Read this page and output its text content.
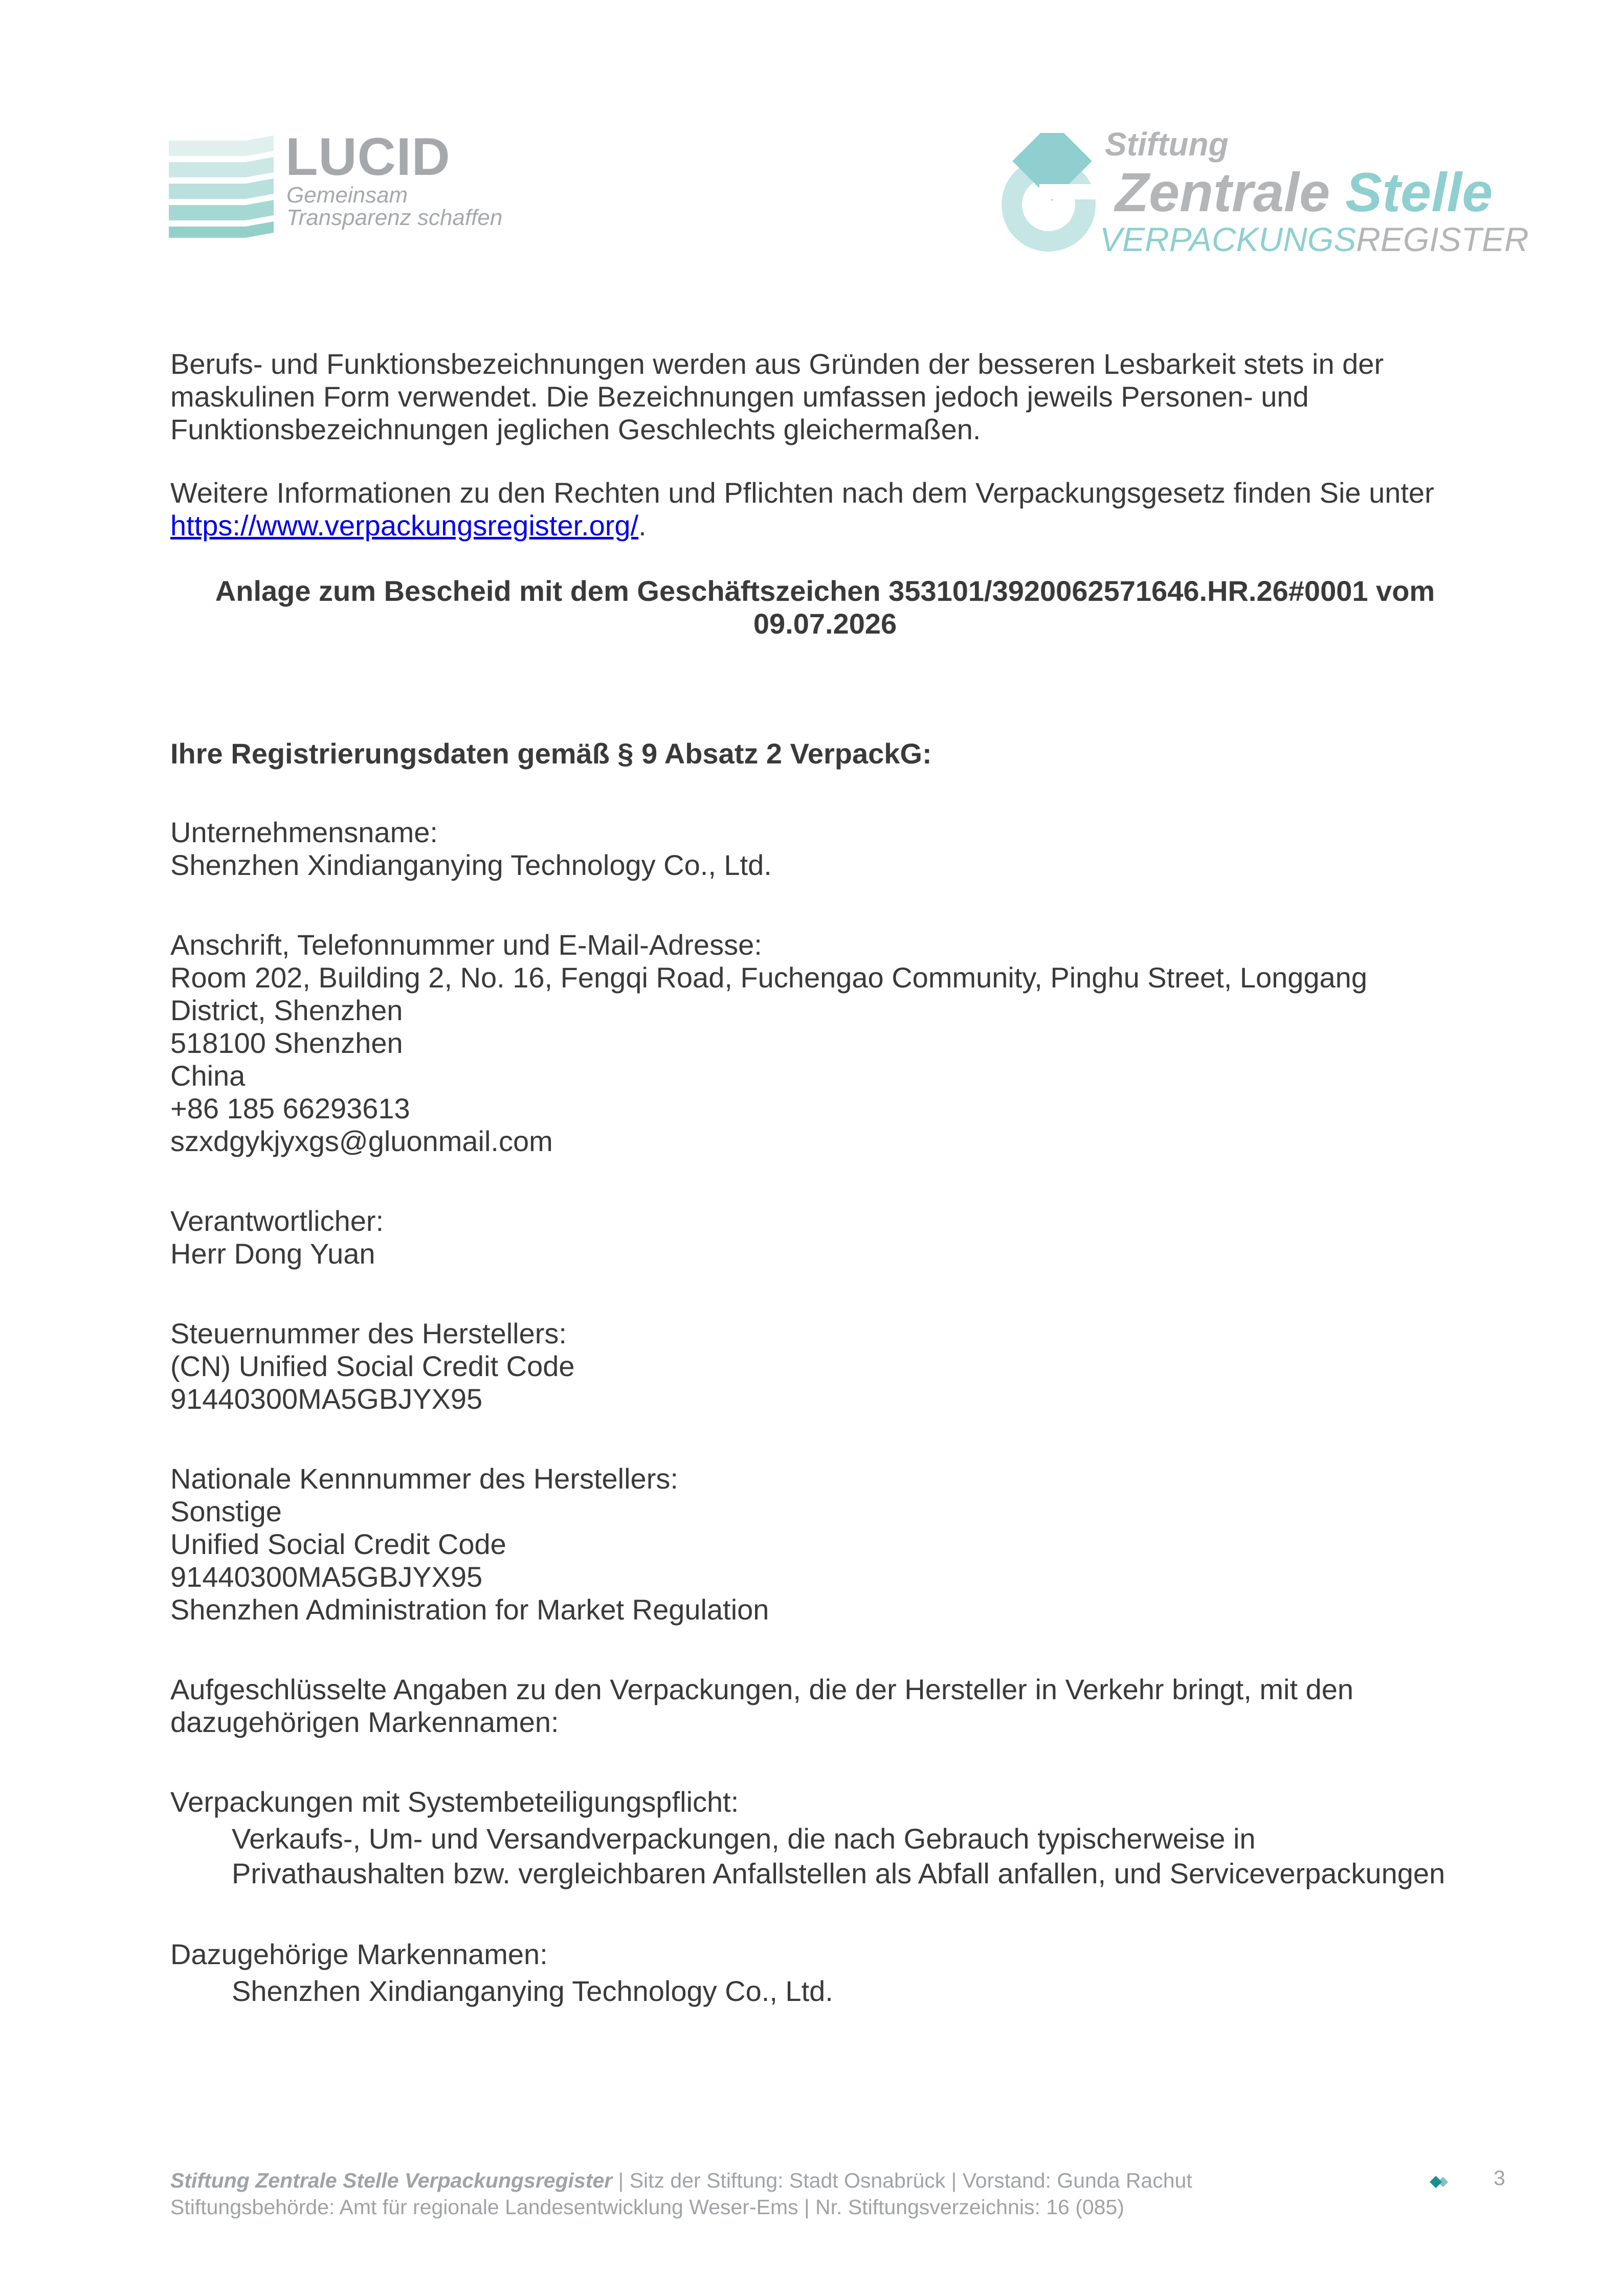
LUCID
Gemeinsam
Transparenz schaffen
Stiftung
Zentrale Stelle
VERPACKUNGSREGISTER

Berufs- und Funktionsbezeichnungen werden aus Gründen der besseren Lesbarkeit stets in der maskulinen Form verwendet. Die Bezeichnungen umfassen jedoch jeweils Personen- und Funktionsbezeichnungen jeglichen Geschlechts gleichermaßen.

Weitere Informationen zu den Rechten und Pflichten nach dem Verpackungsgesetz finden Sie unter https://www.verpackungsregister.org/.

Anlage zum Bescheid mit dem Geschäftszeichen 353101/3920062571646.HR.26#0001 vom
09.07.2026

Ihre Registrierungsdaten gemäß § 9 Absatz 2 VerpackG:

Unternehmensname:
Shenzhen Xindianganying Technology Co., Ltd.

Anschrift, Telefonnummer und E-Mail-Adresse:
Room 202, Building 2, No. 16, Fengqi Road, Fuchengao Community, Pinghu Street, Longgang District, Shenzhen
518100 Shenzhen
China
+86 185 66293613
szxdgykjyxgs@gluonmail.com

Verantwortlicher:
Herr Dong Yuan

Steuernummer des Herstellers:
(CN) Unified Social Credit Code
91440300MA5GBJYX95

Nationale Kennnummer des Herstellers:
Sonstige
Unified Social Credit Code
91440300MA5GBJYX95
Shenzhen Administration for Market Regulation

Aufgeschlüsselte Angaben zu den Verpackungen, die der Hersteller in Verkehr bringt, mit den dazugehörigen Markennamen:

Verpackungen mit Systembeteiligungspflicht:
Verkaufs-, Um- und Versandverpackungen, die nach Gebrauch typischerweise in Privathaushalten bzw. vergleichbaren Anfallstellen als Abfall anfallen, und Serviceverpackungen

Dazugehörige Markennamen:
Shenzhen Xindianganying Technology Co., Ltd.

Stiftung Zentrale Stelle Verpackungsregister | Sitz der Stiftung: Stadt Osnabrück | Vorstand: Gunda Rachut
Stiftungsbehörde: Amt für regionale Landesentwicklung Weser-Ems | Nr. Stiftungsverzeichnis: 16 (085)
3
